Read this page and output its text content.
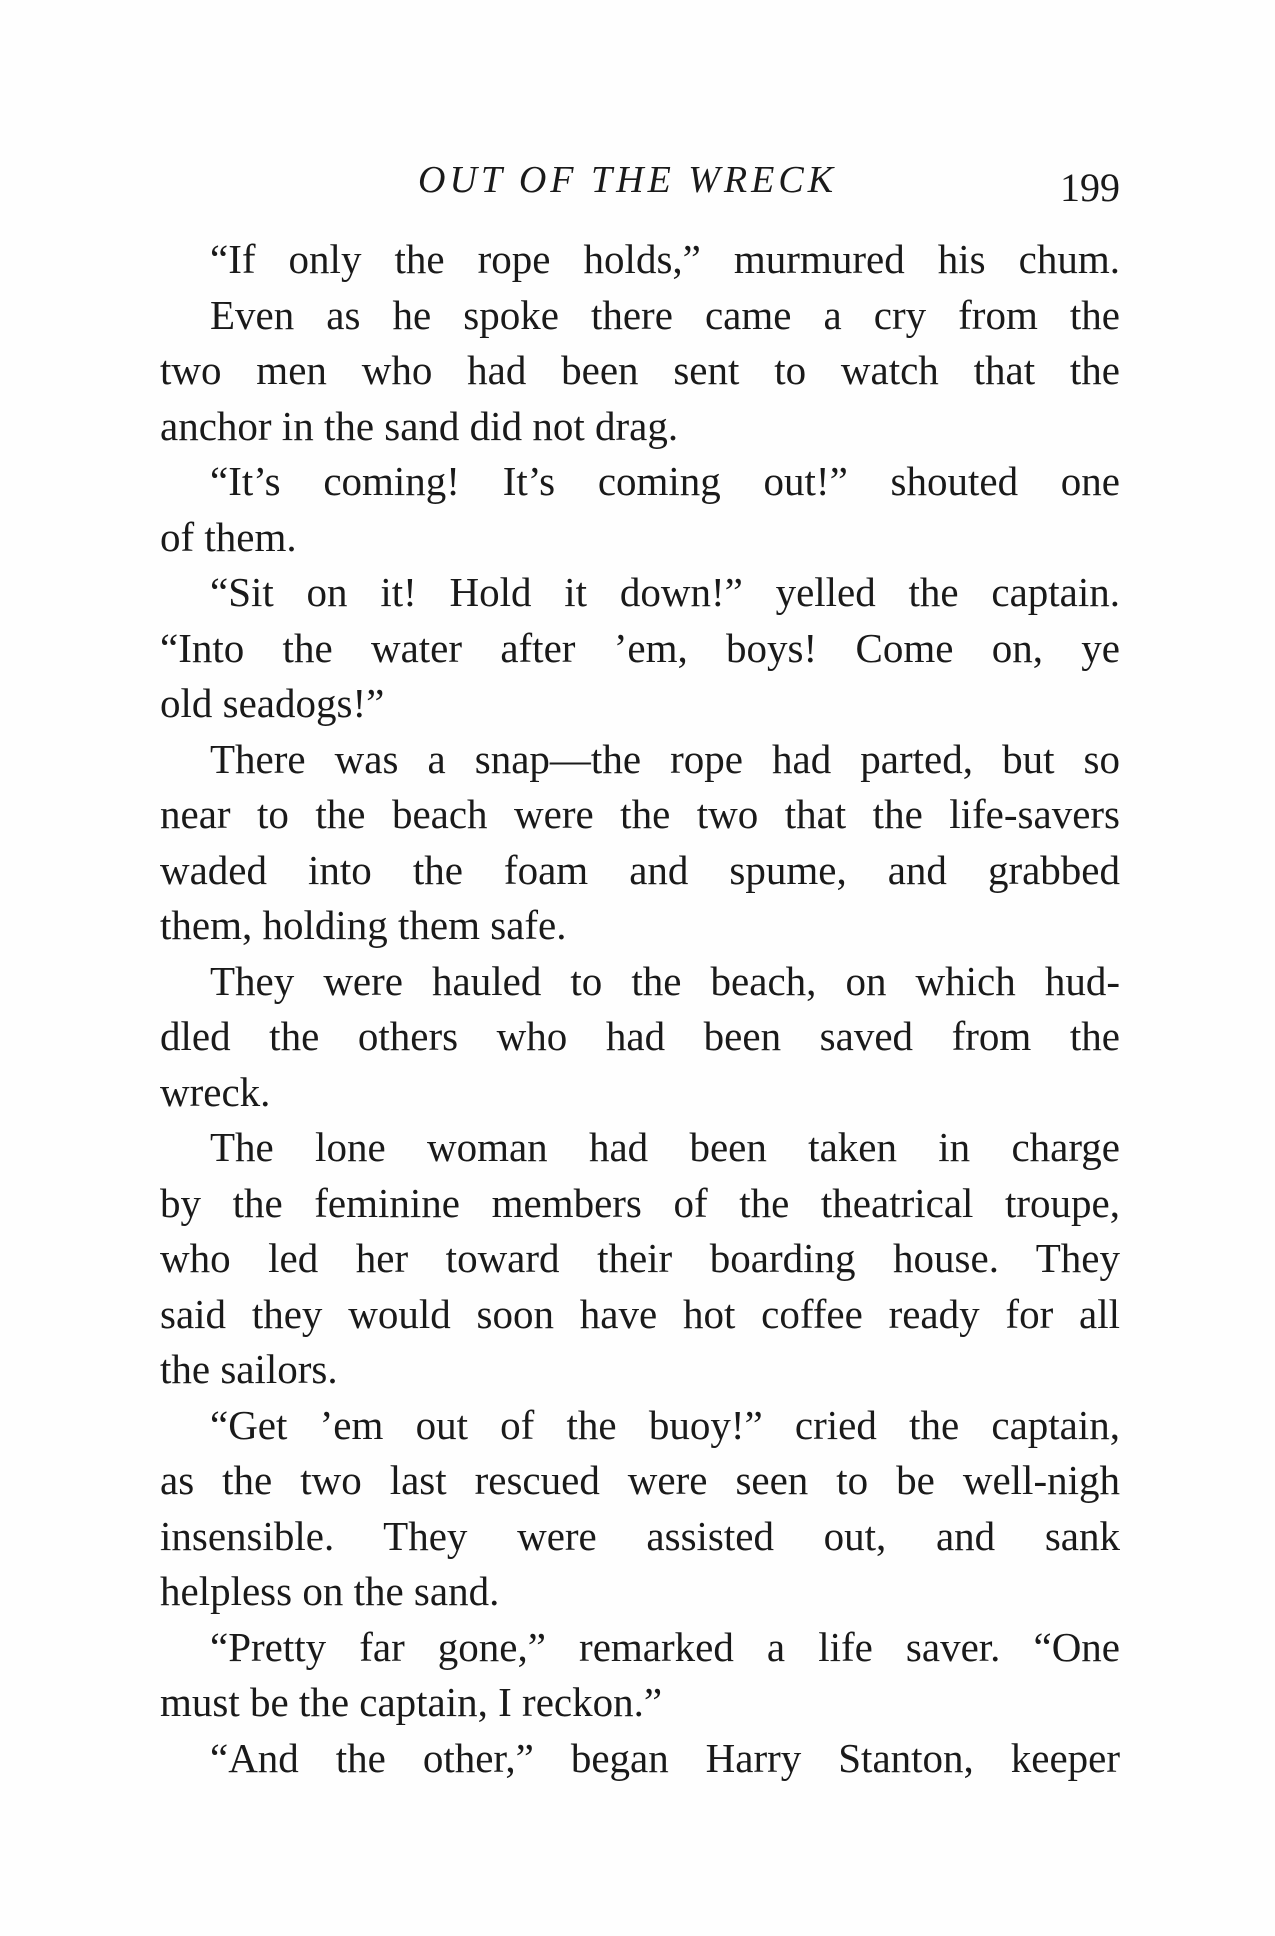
OUT OF THE WRECK	199
“If only the rope holds,” murmured his chum.
Even as he spoke there came a cry from the
two men who had been sent to watch that the
anchor in the sand did not drag.
“It’s coming! It’s coming out!” shouted one
of them.
“Sit on it! Hold it down!” yelled the captain.
“Into the water after ’em, boys! Come on, ye
old seadogs!”
There was a snap—the rope had parted, but so
near to the beach were the two that the life-savers
waded into the foam and spume, and grabbed
them, holding them safe.
They were hauled to the beach, on which hud-
dled the others who had been saved from the
wreck.
The lone woman had been taken in charge
by the feminine members of the theatrical troupe,
who led her toward their boarding house. They
said they would soon have hot coffee ready for all
the sailors.
“Get ’em out of the buoy!” cried the captain,
as the two last rescued were seen to be well-nigh
insensible. They were assisted out, and sank
helpless on the sand.
“Pretty far gone,” remarked a life saver. “One
must be the captain, I reckon.”
“And the other,” began Harry Stanton, keeper
